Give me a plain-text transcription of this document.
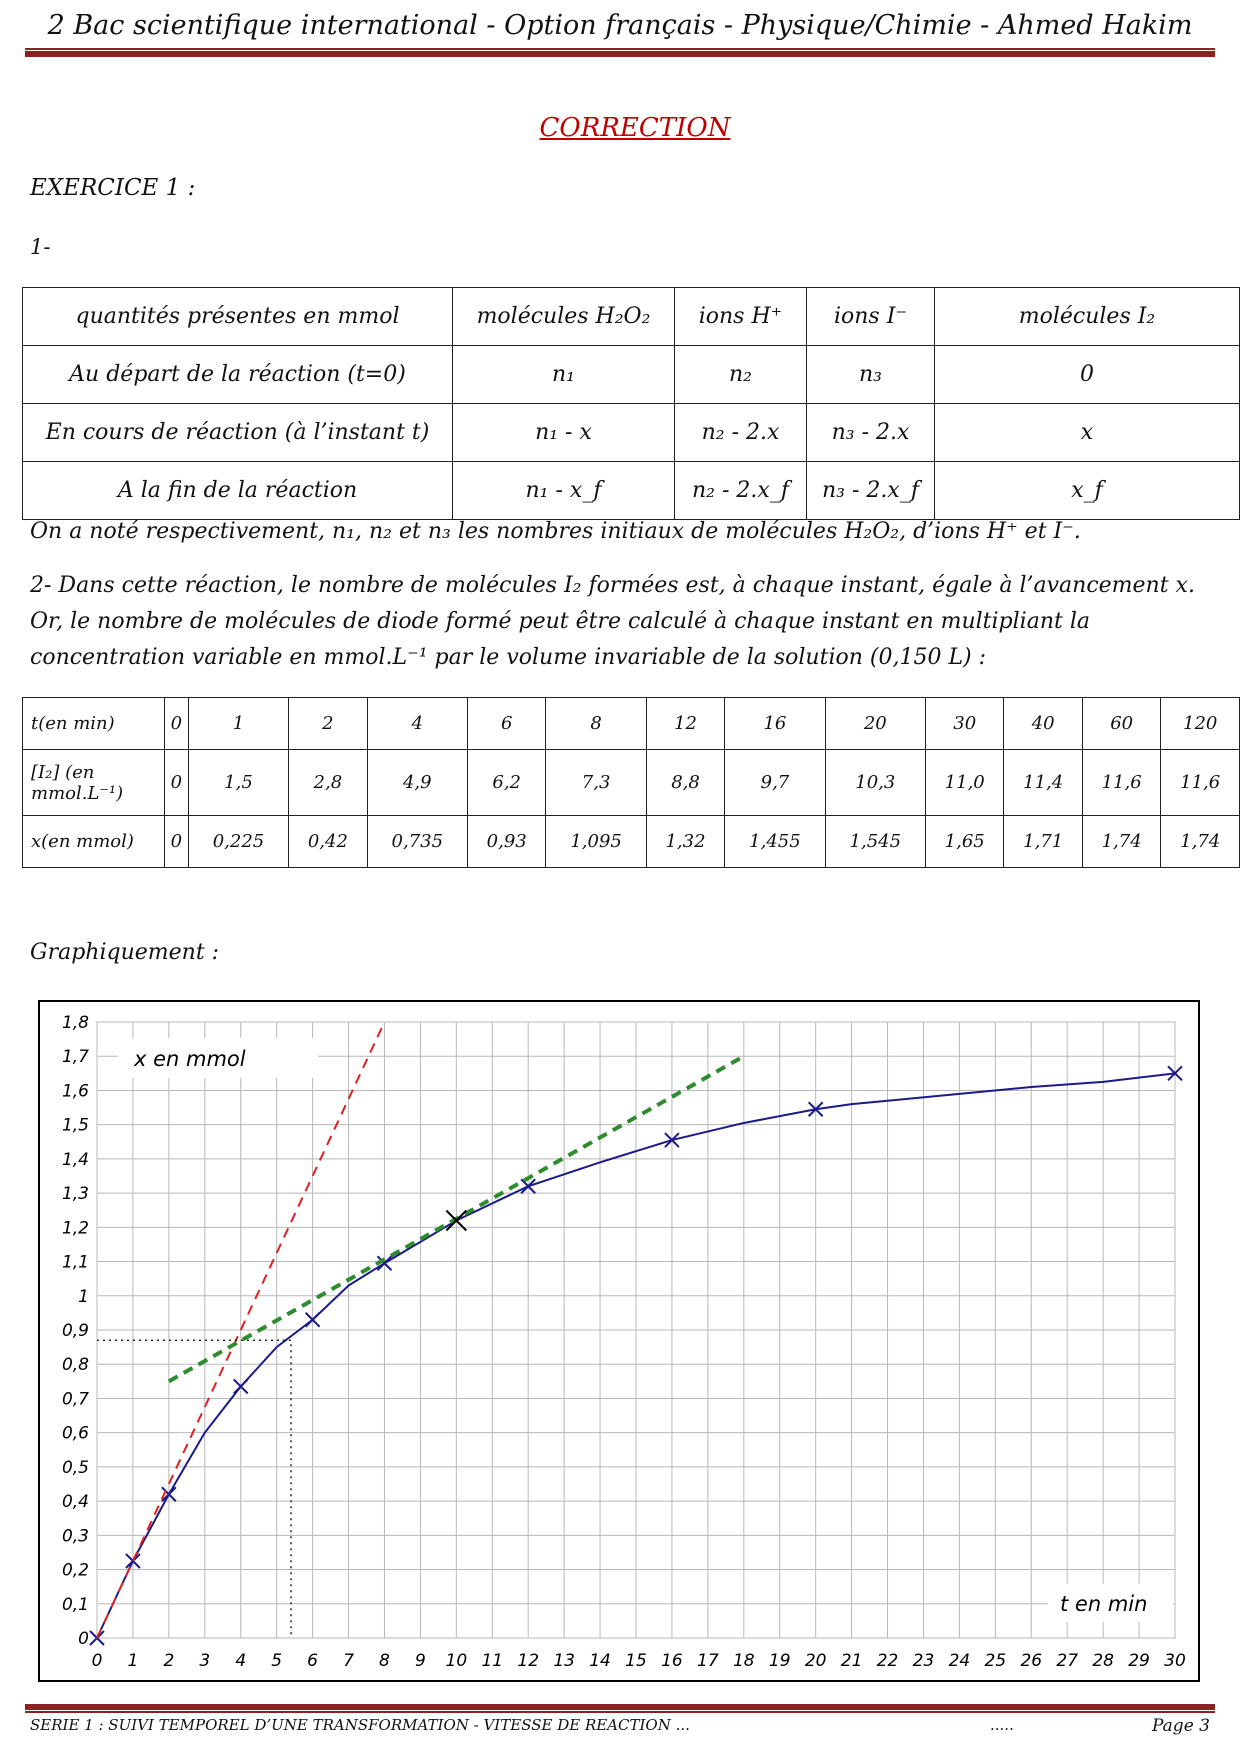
2 Bac scientifique international - Option français - Physique/Chimie - Ahmed Hakim
CORRECTION
EXERCICE 1 :
1-
quantités présentes en mmol	molécules H₂O₂	ions H⁺	ions I⁻	molécules I₂
Au départ de la réaction (t=0)	n₁	n₂	n₃	0
En cours de réaction (à l’instant t)	n₁ - x	n₂ - 2.x	n₃ - 2.x	x
A la fin de la réaction	n₁ - x_f	n₂ - 2.x_f	n₃ - 2.x_f	x_f
On a noté respectivement, n₁, n₂ et n₃ les nombres initiaux de molécules H₂O₂, d’ions H⁺ et I⁻.
2- Dans cette réaction, le nombre de molécules I₂ formées est, à chaque instant, égale à l’avancement x. Or, le nombre de molécules de diode formé peut être calculé à chaque instant en multipliant la concentration variable en mmol.L⁻¹ par le volume invariable de la solution (0,150 L) :
t(en min)	0	1	2	4	6	8	12	16	20	30	40	60	120
[I₂] (en mmol.L⁻¹)	0	1,5	2,8	4,9	6,2	7,3	8,8	9,7	10,3	11,0	11,4	11,6	11,6
x(en mmol)	0	0,225	0,42	0,735	0,93	1,095	1,32	1,455	1,545	1,65	1,71	1,74	1,74
Graphiquement :
0 1 2 3 4 5 6 7 8 9 10 11 12 13 14 15 16 17 18 19 20 21 22 23 24 25 26 27 28 29 30
0
0,1
0,2
0,3
0,4
0,5
0,6
0,7
0,8
0,9
1
1,1
1,2
1,3
1,4
1,5
1,6
1,7
1,8
x en mmol
t en min
SERIE 1 : SUIVI TEMPOREL D’UNE TRANSFORMATION - VITESSE DE REACTION ...	.....	Page 3
